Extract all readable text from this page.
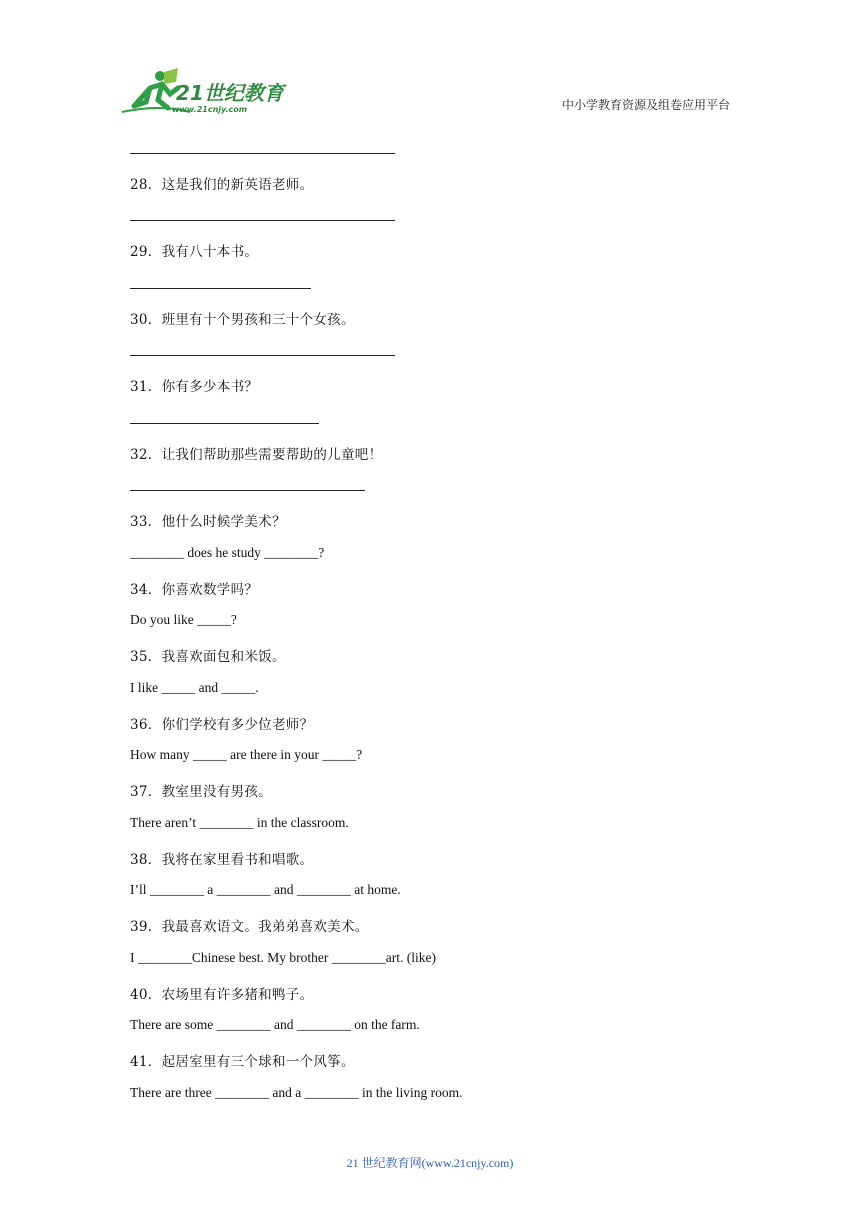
21世纪教育
www.21cnjy.com	中小学教育资源及组卷应用平台
28．这是我们的新英语老师。
29．我有八十本书。
30．班里有十个男孩和三十个女孩。
31．你有多少本书？
32．让我们帮助那些需要帮助的儿童吧！
33．他什么时候学美术？
________ does he study ________?
34．你喜欢数学吗？
Do you like _____?
35．我喜欢面包和米饭。
I like _____ and _____.
36．你们学校有多少位老师？
How many _____ are there in your _____?
37．教室里没有男孩。
There aren’t ________ in the classroom.
38．我将在家里看书和唱歌。
I’ll ________ a ________ and ________ at home.
39．我最喜欢语文。我弟弟喜欢美术。
I ________Chinese best. My brother ________art. (like)
40．农场里有许多猪和鸭子。
There are some ________ and ________ on the farm.
41．起居室里有三个球和一个风筝。
There are three ________ and a ________ in the living room.
21 世纪教育网(www.21cnjy.com)
